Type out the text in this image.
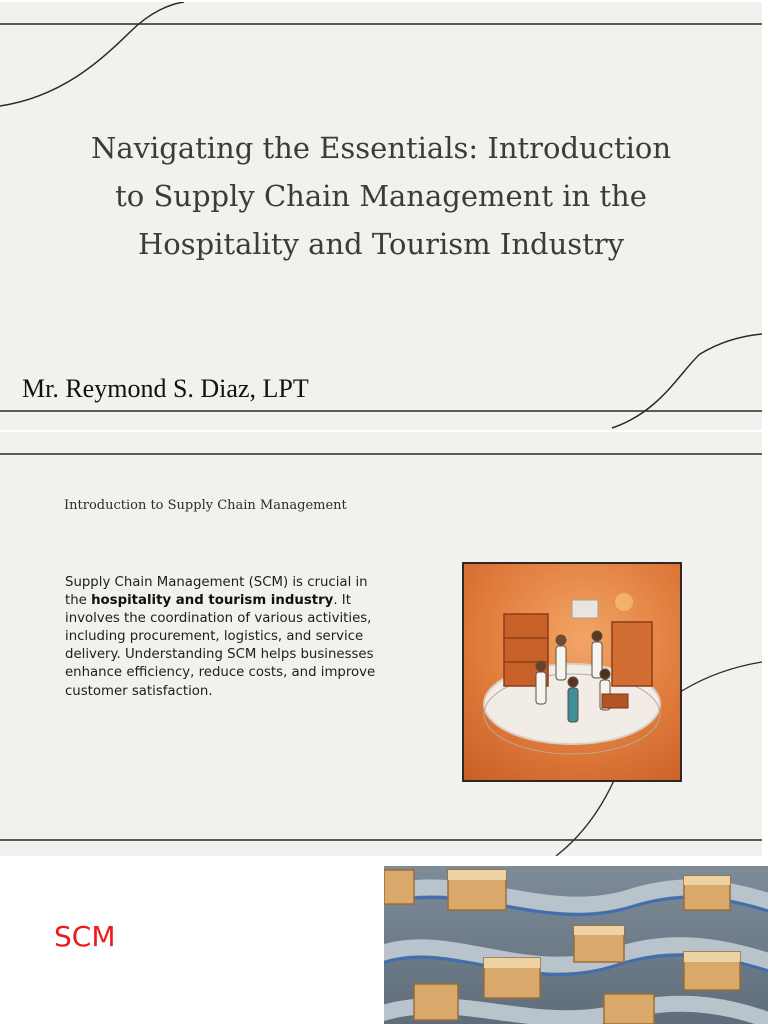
Navigating the Essentials: Introduction
to Supply Chain Management in the
Hospitality and Tourism Industry

Mr. Reymond S. Diaz, LPT

Introduction to Supply Chain Management

Supply Chain Management (SCM) is crucial in the hospitality and tourism industry. It involves the coordination of various activities, including procurement, logistics, and service delivery. Understanding SCM helps businesses enhance efficiency, reduce costs, and improve customer satisfaction.

SCM
